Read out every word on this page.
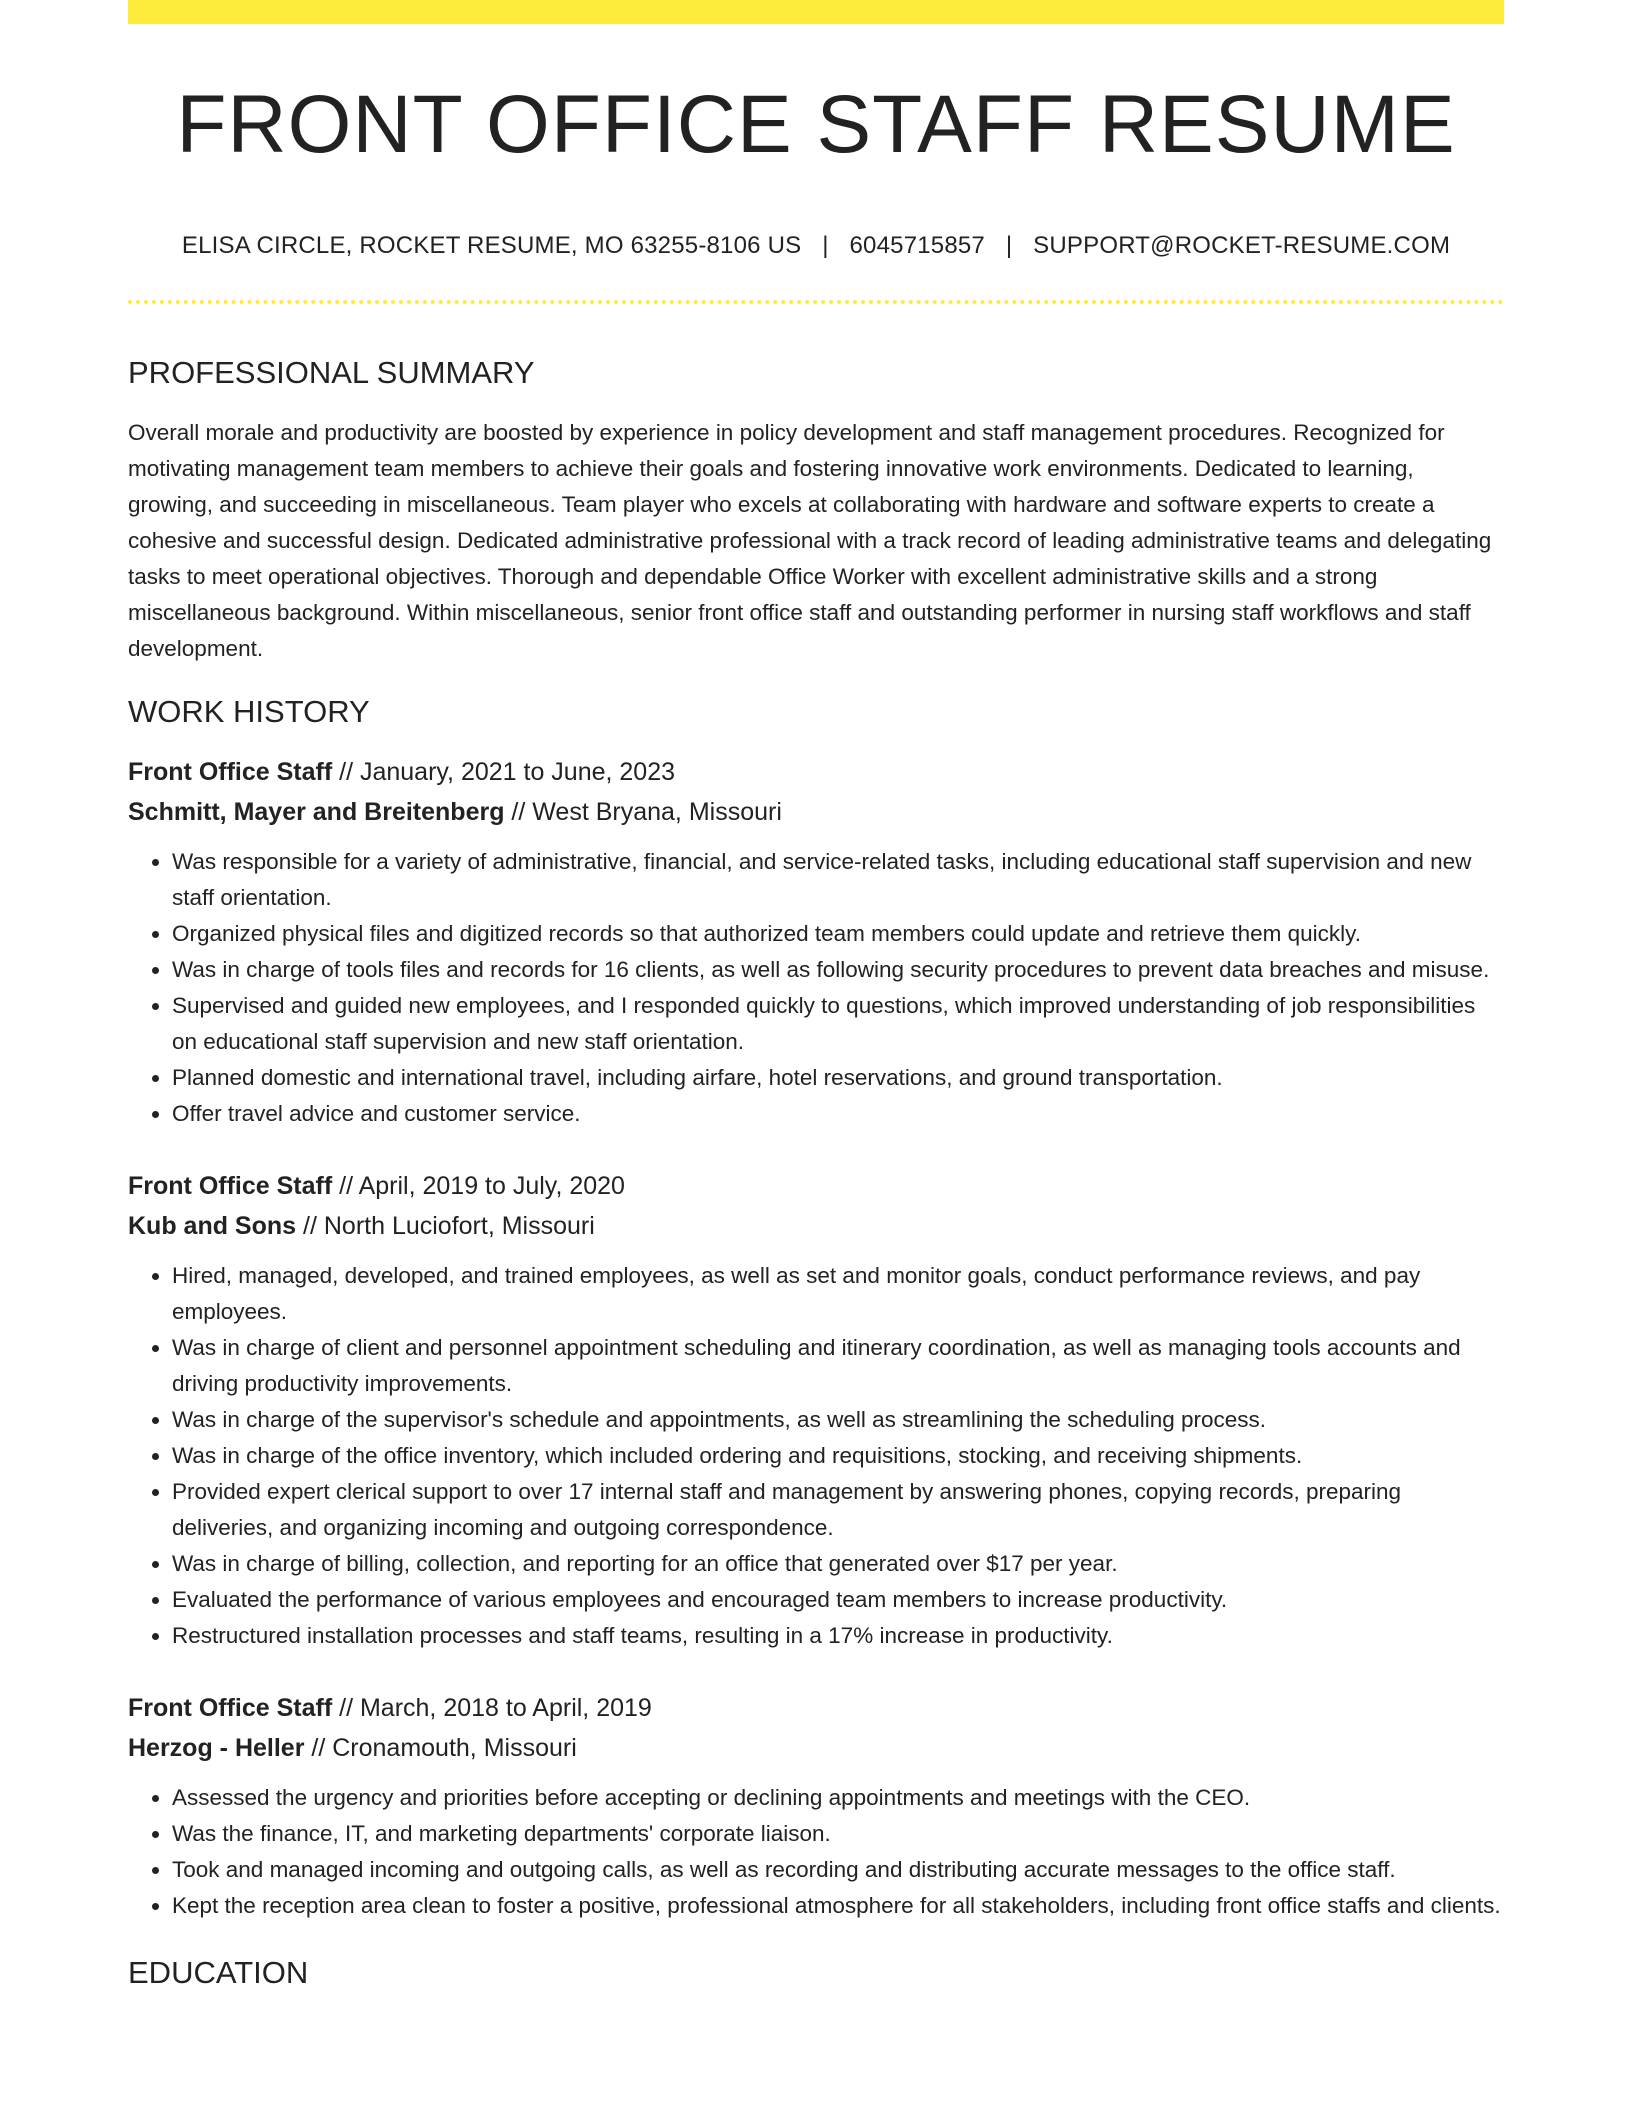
FRONT OFFICE STAFF RESUME
ELISA CIRCLE, ROCKET RESUME, MO 63255-8106 US | 6045715857 | SUPPORT@ROCKET-RESUME.COM
PROFESSIONAL SUMMARY

Overall morale and productivity are boosted by experience in policy development and staff management procedures. Recognized for motivating management team members to achieve their goals and fostering innovative work environments. Dedicated to learning, growing, and succeeding in miscellaneous. Team player who excels at collaborating with hardware and software experts to create a cohesive and successful design. Dedicated administrative professional with a track record of leading administrative teams and delegating tasks to meet operational objectives. Thorough and dependable Office Worker with excellent administrative skills and a strong miscellaneous background. Within miscellaneous, senior front office staff and outstanding performer in nursing staff workflows and staff development.

WORK HISTORY
Front Office Staff // January, 2021 to June, 2023
Schmitt, Mayer and Breitenberg // West Bryana, Missouri
• Was responsible for a variety of administrative, financial, and service-related tasks, including educational staff supervision and new staff orientation.
• Organized physical files and digitized records so that authorized team members could update and retrieve them quickly.
• Was in charge of tools files and records for 16 clients, as well as following security procedures to prevent data breaches and misuse.
• Supervised and guided new employees, and I responded quickly to questions, which improved understanding of job responsibilities on educational staff supervision and new staff orientation.
• Planned domestic and international travel, including airfare, hotel reservations, and ground transportation.
• Offer travel advice and customer service.
Front Office Staff // April, 2019 to July, 2020
Kub and Sons // North Luciofort, Missouri
• Hired, managed, developed, and trained employees, as well as set and monitor goals, conduct performance reviews, and pay employees.
• Was in charge of client and personnel appointment scheduling and itinerary coordination, as well as managing tools accounts and driving productivity improvements.
• Was in charge of the supervisor's schedule and appointments, as well as streamlining the scheduling process.
• Was in charge of the office inventory, which included ordering and requisitions, stocking, and receiving shipments.
• Provided expert clerical support to over 17 internal staff and management by answering phones, copying records, preparing deliveries, and organizing incoming and outgoing correspondence.
• Was in charge of billing, collection, and reporting for an office that generated over $17 per year.
• Evaluated the performance of various employees and encouraged team members to increase productivity.
• Restructured installation processes and staff teams, resulting in a 17% increase in productivity.
Front Office Staff // March, 2018 to April, 2019
Herzog - Heller // Cronamouth, Missouri
• Assessed the urgency and priorities before accepting or declining appointments and meetings with the CEO.
• Was the finance, IT, and marketing departments' corporate liaison.
• Took and managed incoming and outgoing calls, as well as recording and distributing accurate messages to the office staff.
• Kept the reception area clean to foster a positive, professional atmosphere for all stakeholders, including front office staffs and clients.
EDUCATION
